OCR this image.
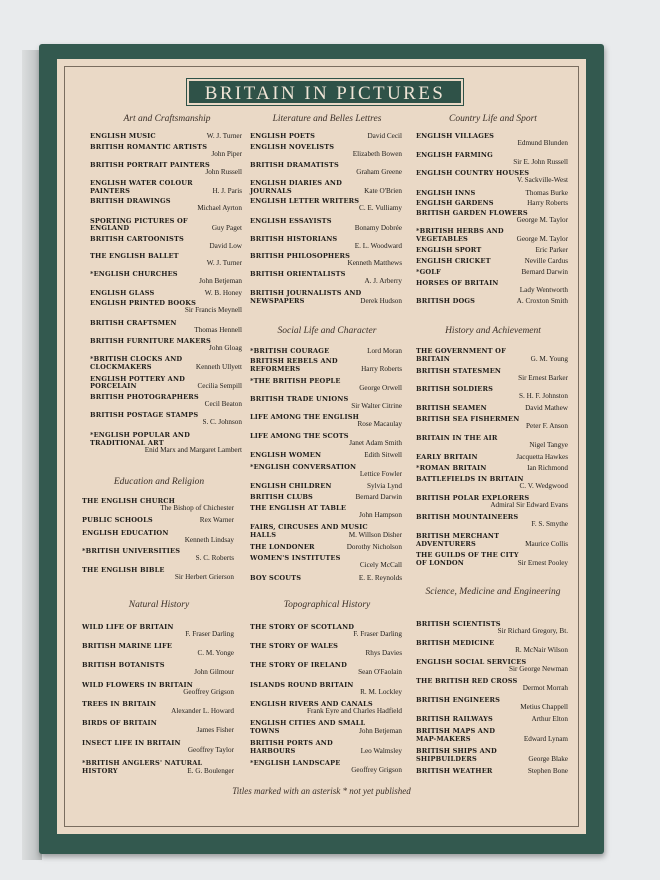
BRITAIN IN PICTURES
Art and Craftsmanship
ENGLISH MUSIC	W. J. Turner
BRITISH ROMANTIC ARTISTS
John Piper
BRITISH PORTRAIT PAINTERS
John Russell
ENGLISH WATER COLOUR
PAINTERS	H. J. Paris
BRITISH DRAWINGS
Michael Ayrton
SPORTING PICTURES OF
ENGLAND	Guy Paget
BRITISH CARTOONISTS
David Low
THE ENGLISH BALLET
W. J. Turner
*ENGLISH CHURCHES
John Betjeman
ENGLISH GLASS	W. B. Honey
ENGLISH PRINTED BOOKS
Sir Francis Meynell
BRITISH CRAFTSMEN
Thomas Hennell
BRITISH FURNITURE MAKERS
John Gloag
*BRITISH CLOCKS AND
CLOCKMAKERS	Kenneth Ullyett
ENGLISH POTTERY AND
PORCELAIN	Cecilia Sempill
BRITISH PHOTOGRAPHERS
Cecil Beaton
BRITISH POSTAGE STAMPS
S. C. Johnson
*ENGLISH POPULAR AND
TRADITIONAL ART
Enid Marx and Margaret Lambert
Education and Religion
THE ENGLISH CHURCH
The Bishop of Chichester
PUBLIC SCHOOLS	Rex Warner
ENGLISH EDUCATION
Kenneth Lindsay
*BRITISH UNIVERSITIES
S. C. Roberts
THE ENGLISH BIBLE
Sir Herbert Grierson
Natural History
WILD LIFE OF BRITAIN
F. Fraser Darling
BRITISH MARINE LIFE
C. M. Yonge
BRITISH BOTANISTS
John Gilmour
WILD FLOWERS IN BRITAIN
Geoffrey Grigson
TREES IN BRITAIN
Alexander L. Howard
BIRDS OF BRITAIN
James Fisher
INSECT LIFE IN BRITAIN
Geoffrey Taylor
*BRITISH ANGLERS' NATURAL
HISTORY	E. G. Boulenger
Literature and Belles Lettres
ENGLISH POETS	David Cecil
ENGLISH NOVELISTS
Elizabeth Bowen
BRITISH DRAMATISTS
Graham Greene
ENGLISH DIARIES AND
JOURNALS	Kate O'Brien
ENGLISH LETTER WRITERS
C. E. Vulliamy
ENGLISH ESSAYISTS
Bonamy Dobrée
BRITISH HISTORIANS
E. L. Woodward
BRITISH PHILOSOPHERS
Kenneth Matthews
BRITISH ORIENTALISTS
A. J. Arberry
BRITISH JOURNALISTS AND
NEWSPAPERS	Derek Hudson
Social Life and Character
*BRITISH COURAGE	Lord Moran
BRITISH REBELS AND
REFORMERS	Harry Roberts
*THE BRITISH PEOPLE
George Orwell
BRITISH TRADE UNIONS
Sir Walter Citrine
LIFE AMONG THE ENGLISH
Rose Macaulay
LIFE AMONG THE SCOTS
Janet Adam Smith
ENGLISH WOMEN	Edith Sitwell
*ENGLISH CONVERSATION
Lettice Fowler
ENGLISH CHILDREN	Sylvia Lynd
BRITISH CLUBS	Bernard Darwin
THE ENGLISH AT TABLE
John Hampson
FAIRS, CIRCUSES AND MUSIC
HALLS	M. Willson Disher
THE LONDONER	Dorothy Nicholson
WOMEN'S INSTITUTES
Cicely McCall
BOY SCOUTS	E. E. Reynolds
Topographical History
THE STORY OF SCOTLAND
F. Fraser Darling
THE STORY OF WALES
Rhys Davies
THE STORY OF IRELAND
Sean O'Faolain
ISLANDS ROUND BRITAIN
R. M. Lockley
ENGLISH RIVERS AND CANALS
Frank Eyre and Charles Hadfield
ENGLISH CITIES AND SMALL
TOWNS	John Betjeman
BRITISH PORTS AND
HARBOURS	Leo Walmsley
*ENGLISH LANDSCAPE
Geoffrey Grigson
Country Life and Sport
ENGLISH VILLAGES
Edmund Blunden
ENGLISH FARMING
Sir E. John Russell
ENGLISH COUNTRY HOUSES
V. Sackville-West
ENGLISH INNS	Thomas Burke
ENGLISH GARDENS	Harry Roberts
BRITISH GARDEN FLOWERS
George M. Taylor
*BRITISH HERBS AND
VEGETABLES	George M. Taylor
ENGLISH SPORT	Eric Parker
ENGLISH CRICKET	Neville Cardus
*GOLF	Bernard Darwin
HORSES OF BRITAIN
Lady Wentworth
BRITISH DOGS	A. Croxton Smith
History and Achievement
THE GOVERNMENT OF
BRITAIN	G. M. Young
BRITISH STATESMEN
Sir Ernest Barker
BRITISH SOLDIERS
S. H. F. Johnston
BRITISH SEAMEN	David Mathew
BRITISH SEA FISHERMEN
Peter F. Anson
BRITAIN IN THE AIR
Nigel Tangye
EARLY BRITAIN	Jacquetta Hawkes
*ROMAN BRITAIN	Ian Richmond
BATTLEFIELDS IN BRITAIN
C. V. Wedgwood
BRITISH POLAR EXPLORERS
Admiral Sir Edward Evans
BRITISH MOUNTAINEERS
F. S. Smythe
BRITISH MERCHANT
ADVENTURERS	Maurice Collis
THE GUILDS OF THE CITY
OF LONDON	Sir Ernest Pooley
Science, Medicine and Engineering
BRITISH SCIENTISTS
Sir Richard Gregory, Bt.
BRITISH MEDICINE
R. McNair Wilson
ENGLISH SOCIAL SERVICES
Sir George Newman
THE BRITISH RED CROSS
Dermot Morrah
BRITISH ENGINEERS
Metius Chappell
BRITISH RAILWAYS	Arthur Elton
BRITISH MAPS AND
MAP-MAKERS	Edward Lynam
BRITISH SHIPS AND
SHIPBUILDERS	George Blake
BRITISH WEATHER	Stephen Bone
Titles marked with an asterisk * not yet published
